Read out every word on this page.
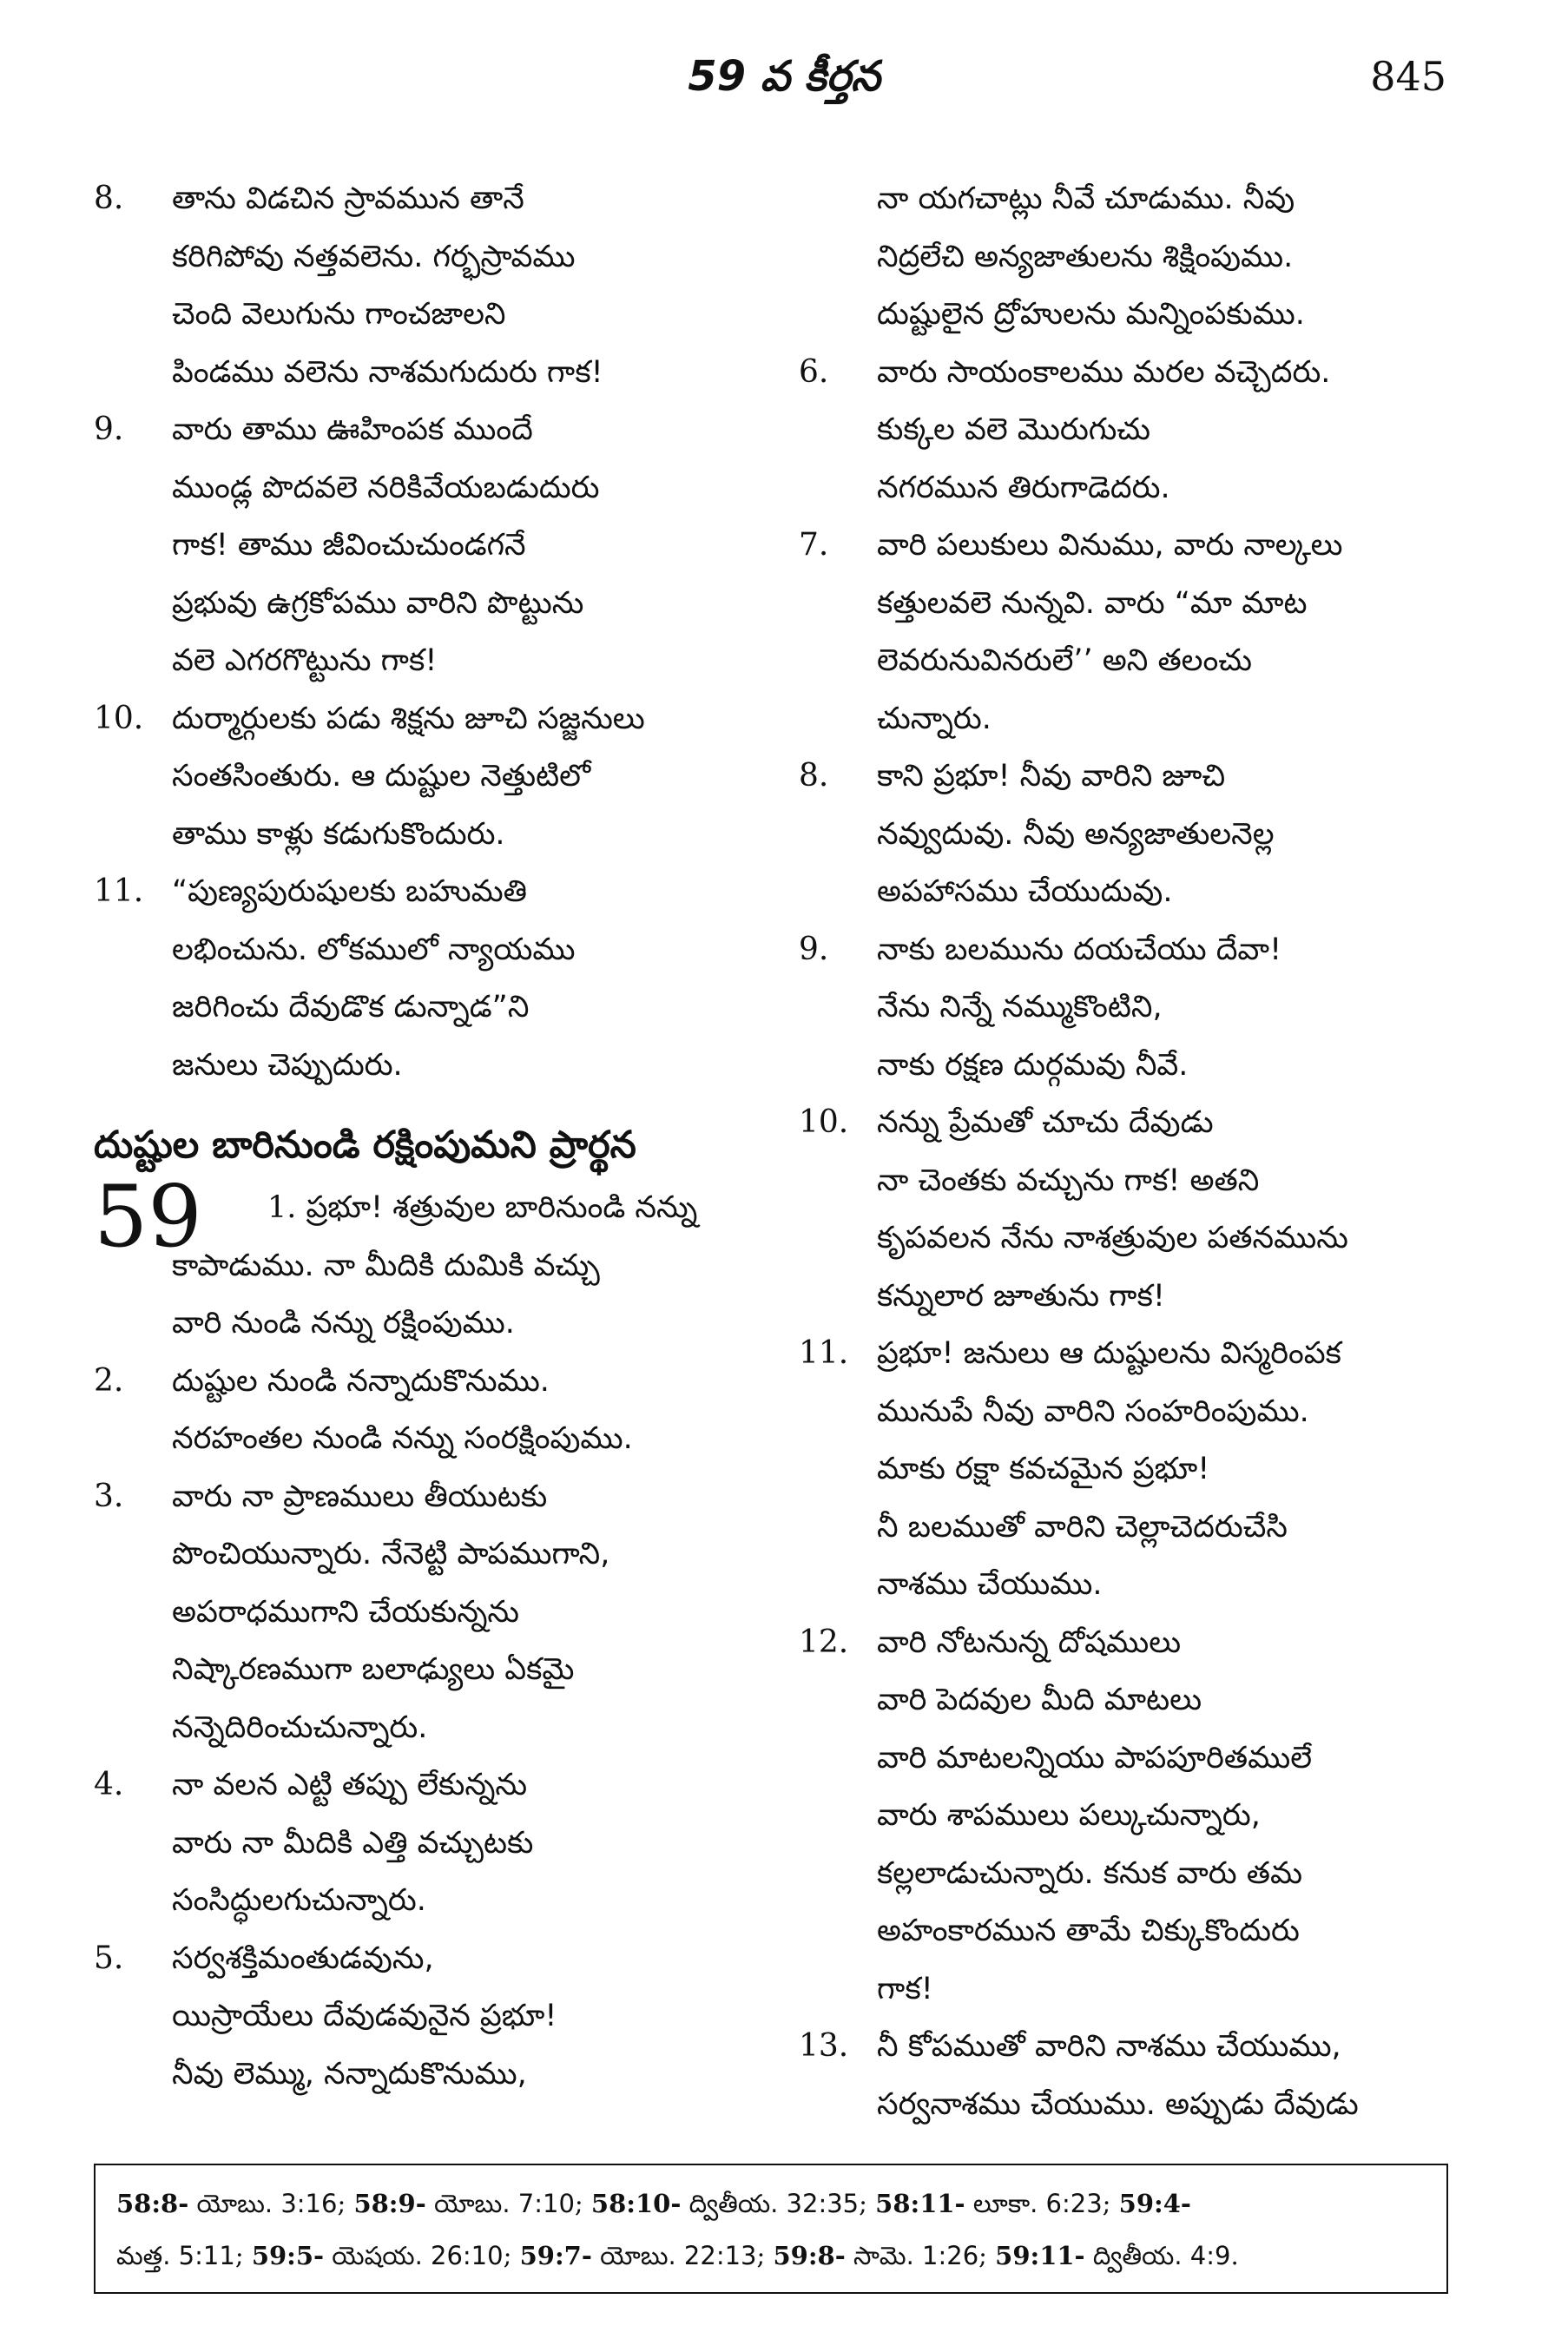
59 వ కీర్తన	845
8. తాను విడచిన స్రావమున తానే
కరిగిపోవు నత్తవలెను. గర్భస్రావము
చెంది వెలుగును గాంచజాలని
పిండము వలెను నాశమగుదురు గాక!
9. వారు తాము ఊహింపక ముందే
ముండ్ల పొదవలె నరికివేయబడుదురు
గాక! తాము జీవించుచుండగనే
ప్రభువు ఉగ్రకోపము వారిని పొట్టును
వలె ఎగరగొట్టును గాక!
10. దుర్మార్గులకు పడు శిక్షను జూచి సజ్జనులు
సంతసింతురు. ఆ దుష్టుల నెత్తుటిలో
తాము కాళ్లు కడుగుకొందురు.
11. “పుణ్యపురుషులకు బహుమతి
లభించును. లోకములో న్యాయము
జరిగించు దేవుడొక డున్నాడ”ని
జనులు చెప్పుదురు.
దుష్టుల బారినుండి రక్షింపుమని ప్రార్థన
59	1. ప్రభూ! శత్రువుల బారినుండి నన్ను
కాపాడుము. నా మీదికి దుమికి వచ్చు
వారి నుండి నన్ను రక్షింపుము.
2. దుష్టుల నుండి నన్నాదుకొనుము.
నరహంతల నుండి నన్ను సంరక్షింపుము.
3. వారు నా ప్రాణములు తీయుటకు
పొంచియున్నారు. నేనెట్టి పాపముగాని,
అపరాధముగాని చేయకున్నను
నిష్కారణముగా బలాఢ్యులు ఏకమై
నన్నెదిరించుచున్నారు.
4. నా వలన ఎట్టి తప్పు లేకున్నను
వారు నా మీదికి ఎత్తి వచ్చుటకు
సంసిద్ధులగుచున్నారు.
5. సర్వశక్తిమంతుడవును,
యిస్రాయేలు దేవుడవునైన ప్రభూ!
నీవు లెమ్ము, నన్నాదుకొనుము,
నా యగచాట్లు నీవే చూడుము. నీవు
నిద్రలేచి అన్యజాతులను శిక్షింపుము.
దుష్టులైన ద్రోహులను మన్నింపకుము.
6. వారు సాయంకాలము మరల వచ్చెదరు.
కుక్కల వలె మొరుగుచు
నగరమున తిరుగాడెదరు.
7. వారి పలుకులు వినుము, వారు నాల్కలు
కత్తులవలె నున్నవి. వారు “మా మాట
లెవరునువినరులే’’ అని తలంచు
చున్నారు.
8. కాని ప్రభూ! నీవు వారిని జూచి
నవ్వుదువు. నీవు అన్యజాతులనెల్ల
అపహాసము చేయుదువు.
9. నాకు బలమును దయచేయు దేవా!
నేను నిన్నే నమ్ముకొంటిని,
నాకు రక్షణ దుర్గమవు నీవే.
10. నన్ను ప్రేమతో చూచు దేవుడు
నా చెంతకు వచ్చును గాక! అతని
కృపవలన నేను నాశత్రువుల పతనమును
కన్నులార జూతును గాక!
11. ప్రభూ! జనులు ఆ దుష్టులను విస్మరింపక
మునుపే నీవు వారిని సంహరింపుము.
మాకు రక్షా కవచమైన ప్రభూ!
నీ బలముతో వారిని చెల్లాచెదరుచేసి
నాశము చేయుము.
12. వారి నోటనున్న దోషములు
వారి పెదవుల మీది మాటలు
వారి మాటలన్నియు పాపపూరితములే
వారు శాపములు పల్కుచున్నారు,
కల్లలాడుచున్నారు. కనుక వారు తమ
అహంకారమున తామే చిక్కుకొందురు
గాక!
13. నీ కోపముతో వారిని నాశము చేయుము,
సర్వనాశము చేయుము. అప్పుడు దేవుడు
58:8- యోబు. 3:16; 58:9- యోబు. 7:10; 58:10- ద్వితీయ. 32:35; 58:11- లూకా. 6:23; 59:4-
మత్త. 5:11; 59:5- యెషయ. 26:10; 59:7- యోబు. 22:13; 59:8- సామె. 1:26; 59:11- ద్వితీయ. 4:9.
